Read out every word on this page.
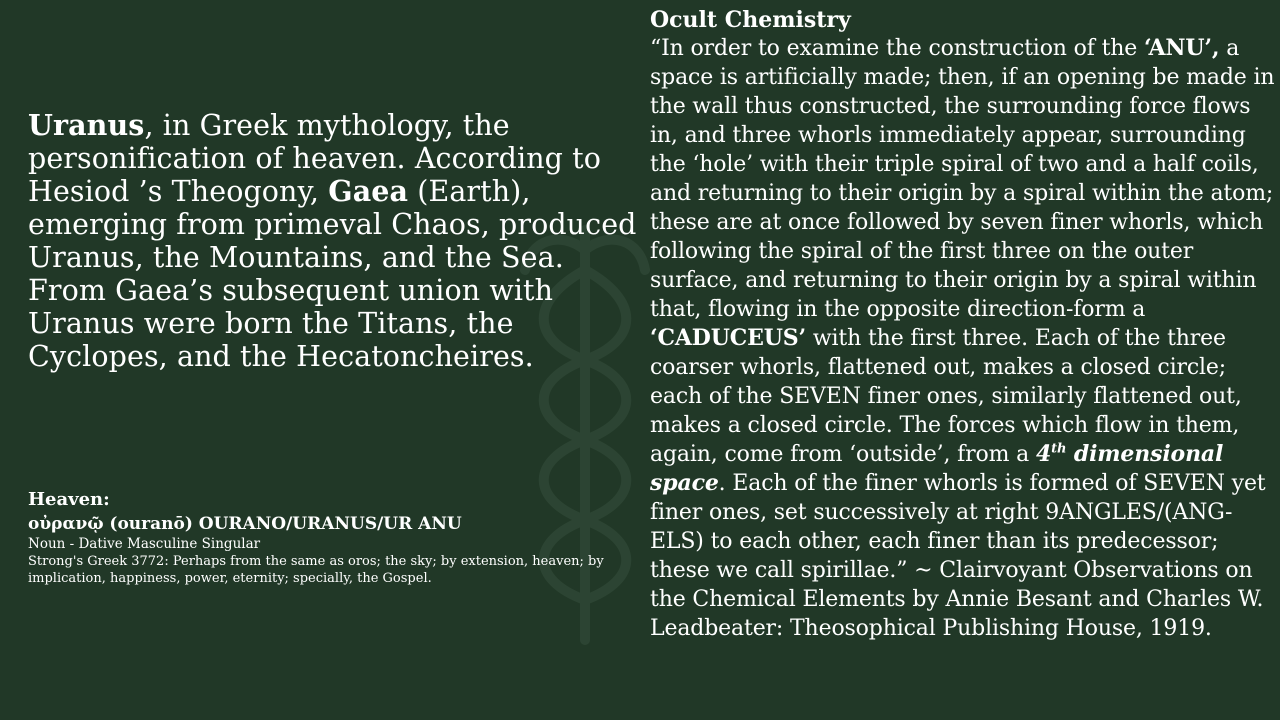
Uranus, in Greek mythology, the personification of heaven. According to Hesiod ’s Theogony, Gaea (Earth), emerging from primeval Chaos, produced Uranus, the Mountains, and the Sea. From Gaea’s subsequent union with Uranus were born the Titans, the Cyclopes, and the Hecatoncheires.

Heaven:

οὐρανῷ (ouranō) OURANO/URANUS/UR ANU

Noun - Dative Masculine Singular

Strong's Greek 3772: Perhaps from the same as oros; the sky; by extension, heaven; by implication, happiness, power, eternity; specially, the Gospel.

Ocult Chemistry

“In order to examine the construction of the ‘ANU’, a space is artificially made; then, if an opening be made in the wall thus constructed, the surrounding force flows in, and three whorls immediately appear, surrounding the ‘hole’ with their triple spiral of two and a half coils, and returning to their origin by a spiral within the atom; these are at once followed by seven finer whorls, which following the spiral of the first three on the outer surface, and returning to their origin by a spiral within that, flowing in the opposite direction-form a ‘CADUCEUS’ with the first three. Each of the three coarser whorls, flattened out, makes a closed circle; each of the SEVEN finer ones, similarly flattened out, makes a closed circle. The forces which flow in them, again, come from ‘outside’, from a 4th dimensional space. Each of the finer whorls is formed of SEVEN yet finer ones, set successively at right 9ANGLES/(ANG-ELS) to each other, each finer than its predecessor; these we call spirillae.” ~ Clairvoyant Observations on the Chemical Elements by Annie Besant and Charles W. Leadbeater: Theosophical Publishing House, 1919.
